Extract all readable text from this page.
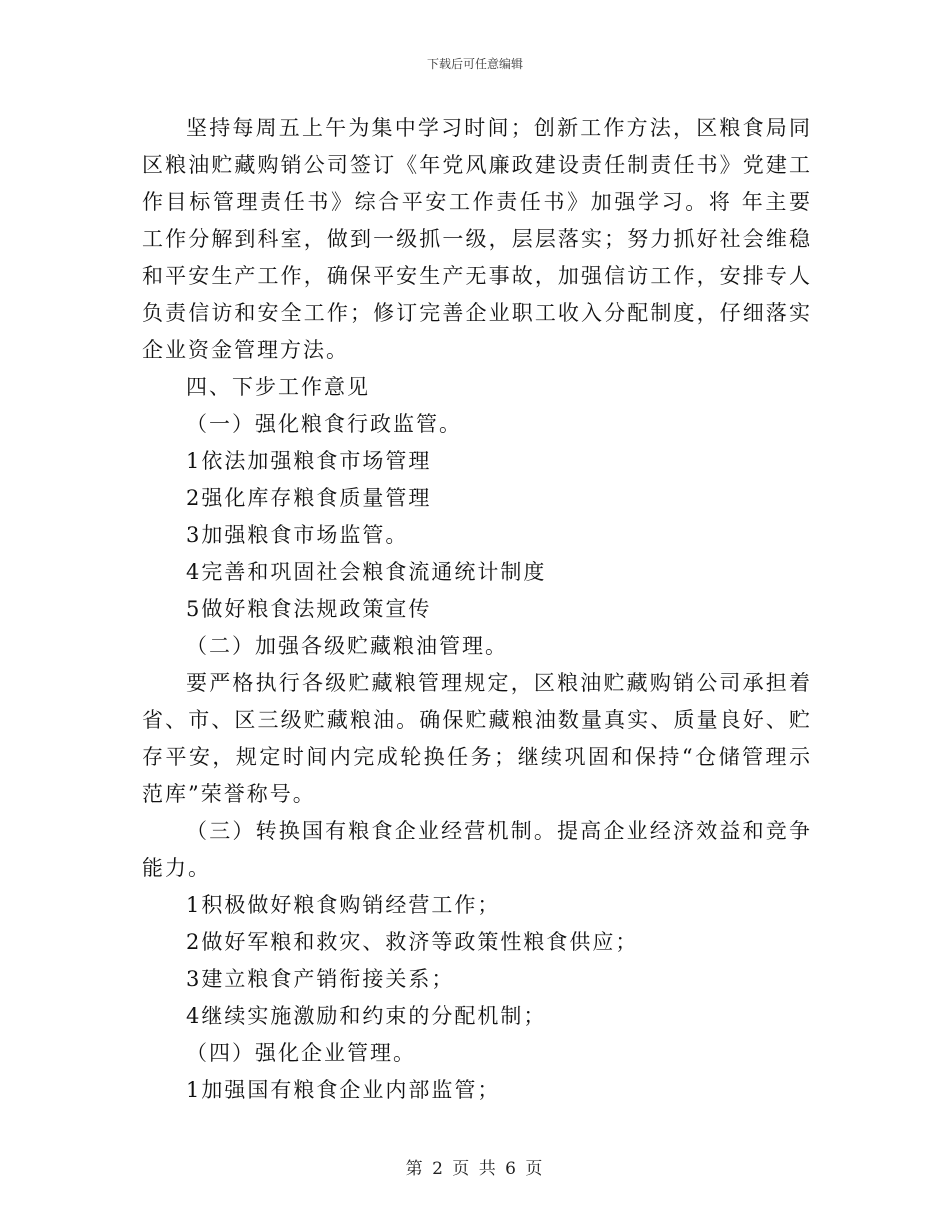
下载后可任意编辑

坚持每周五上午为集中学习时间；创新工作方法，区粮食局同区粮油贮藏购销公司签订《年党风廉政建设责任制责任书》党建工作目标管理责任书》综合平安工作责任书》加强学习。将 年主要工作分解到科室，做到一级抓一级，层层落实；努力抓好社会维稳和平安生产工作，确保平安生产无事故，加强信访工作，安排专人负责信访和安全工作；修订完善企业职工收入分配制度，仔细落实企业资金管理方法。

四、下步工作意见

（一）强化粮食行政监管。

1依法加强粮食市场管理

2强化库存粮食质量管理

3加强粮食市场监管。

4完善和巩固社会粮食流通统计制度

5做好粮食法规政策宣传

（二）加强各级贮藏粮油管理。

要严格执行各级贮藏粮管理规定，区粮油贮藏购销公司承担着省、市、区三级贮藏粮油。确保贮藏粮油数量真实、质量良好、贮存平安，规定时间内完成轮换任务；继续巩固和保持“仓储管理示范库”荣誉称号。

（三）转换国有粮食企业经营机制。提高企业经济效益和竞争能力。

1积极做好粮食购销经营工作；

2做好军粮和救灾、救济等政策性粮食供应；

3建立粮食产销衔接关系；

4继续实施激励和约束的分配机制；

（四）强化企业管理。

1加强国有粮食企业内部监管；

第 2 页 共 6 页
